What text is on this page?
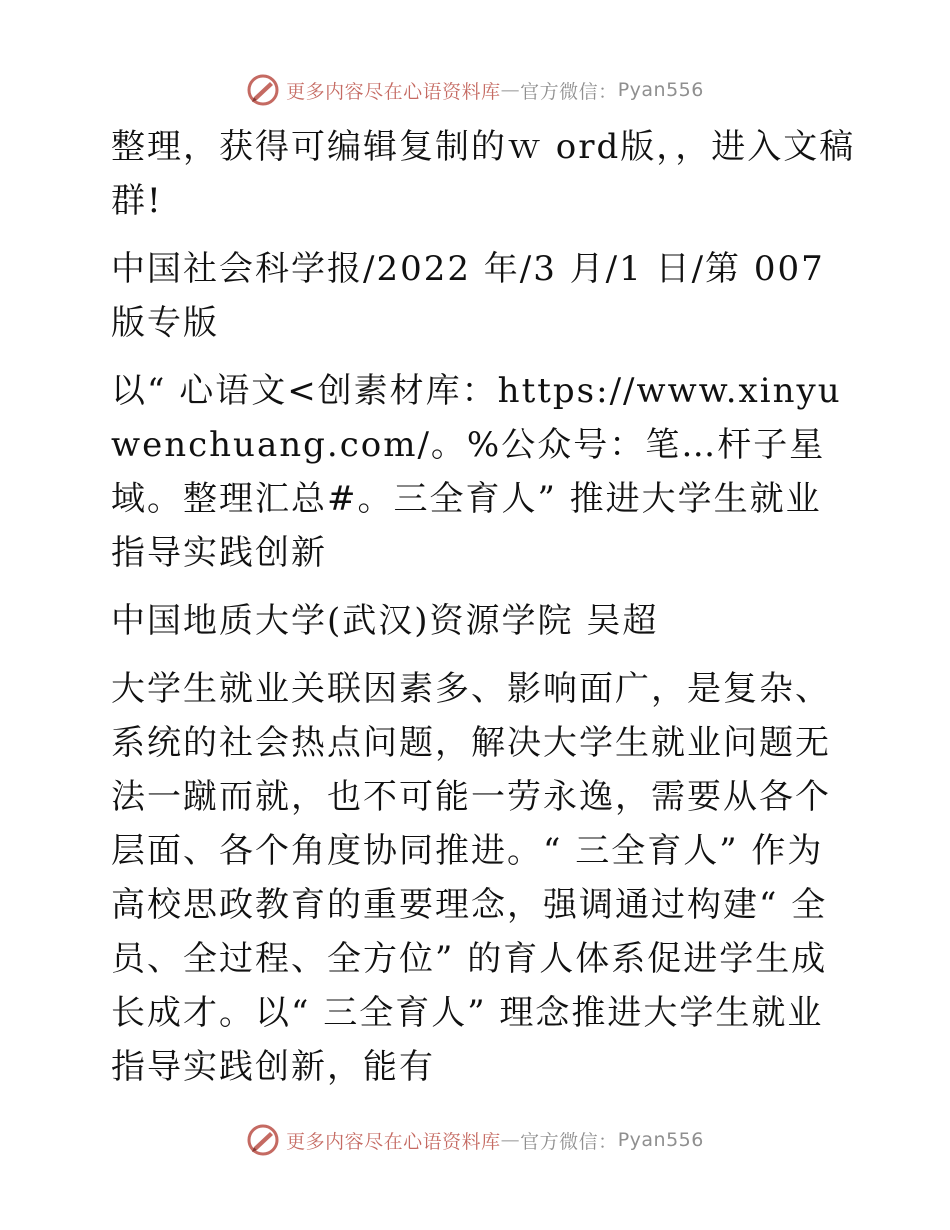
更多内容尽在心语资料库 — 官方微信： Pyan556

整理，获得可编辑复制的ｗ ord版，，进入文稿群!

中国社会科学报/2022 年/3 月/1 日/第 007 版专版

以“ 心语文<创素材库：https://www.xinyuwenchuang.com/。%公众号：笔…杆子星域。整理汇总#。三全育人” 推进大学生就业指导实践创新

中国地质大学(武汉)资源学院 吴超

大学生就业关联因素多、影响面广，是复杂、系统的社会热点问题，解决大学生就业问题无法一蹴而就，也不可能一劳永逸，需要从各个层面、各个角度协同推进。“ 三全育人” 作为高校思政教育的重要理念，强调通过构建“ 全员、全过程、全方位” 的育人体系促进学生成长成才。以“ 三全育人” 理念推进大学生就业指导实践创新，能有

更多内容尽在心语资料库 — 官方微信： Pyan556
